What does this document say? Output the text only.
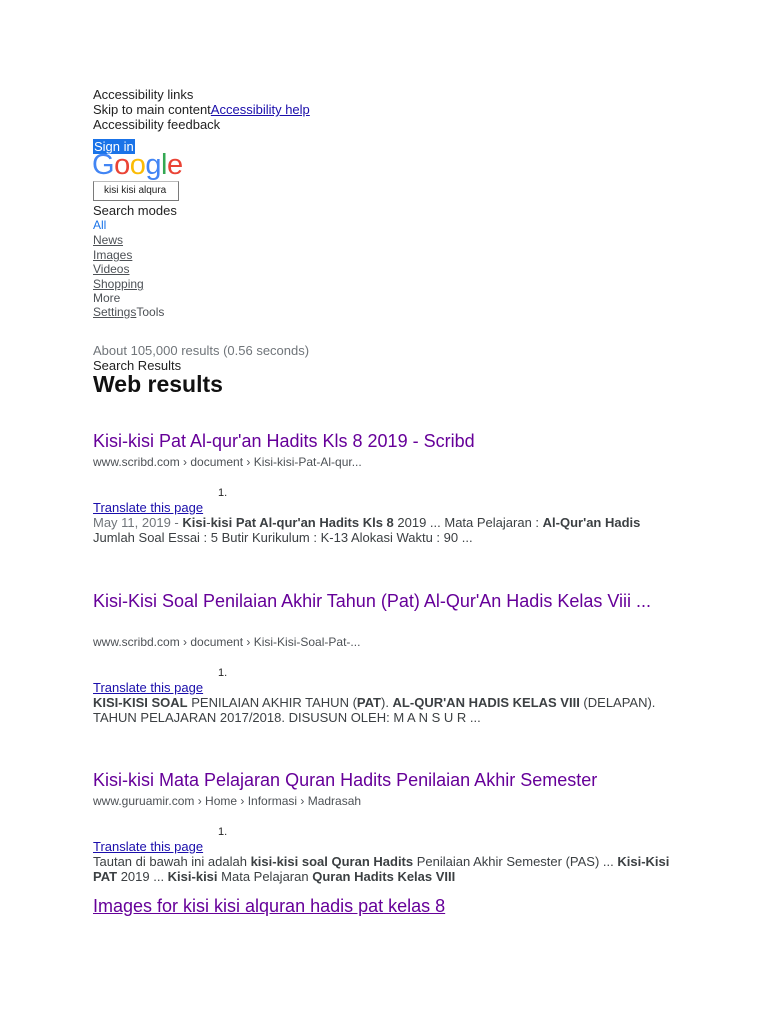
Accessibility links
Skip to main contentAccessibility help
Accessibility feedback
Sign in
Google
kisi kisi alqura
Search modes
All
News
Images
Videos
Shopping
More
SettingsTools
About 105,000 results (0.56 seconds)
Search Results
Web results
Kisi-kisi Pat Al-qur'an Hadits Kls 8 2019 - Scribd
www.scribd.com › document › Kisi-kisi-Pat-Al-qur...
1.
Translate this page
May 11, 2019 - Kisi-kisi Pat Al-qur'an Hadits Kls 8 2019 ... Mata Pelajaran : Al-Qur'an Hadis Jumlah Soal Essai : 5 Butir Kurikulum : K-13 Alokasi Waktu : 90 ...
Kisi-Kisi Soal Penilaian Akhir Tahun (Pat) Al-Qur'An Hadis Kelas Viii ...
www.scribd.com › document › Kisi-Kisi-Soal-Pat-...
1.
Translate this page
KISI-KISI SOAL PENILAIAN AKHIR TAHUN (PAT). AL-QUR'AN HADIS KELAS VIII (DELAPAN). TAHUN PELAJARAN 2017/2018. DISUSUN OLEH: M A N S U R ...
Kisi-kisi Mata Pelajaran Quran Hadits Penilaian Akhir Semester
www.guruamir.com › Home › Informasi › Madrasah
1.
Translate this page
Tautan di bawah ini adalah kisi-kisi soal Quran Hadits Penilaian Akhir Semester (PAS) ... Kisi-Kisi PAT 2019 ... Kisi-kisi Mata Pelajaran Quran Hadits Kelas VIII
Images for kisi kisi alquran hadis pat kelas 8
